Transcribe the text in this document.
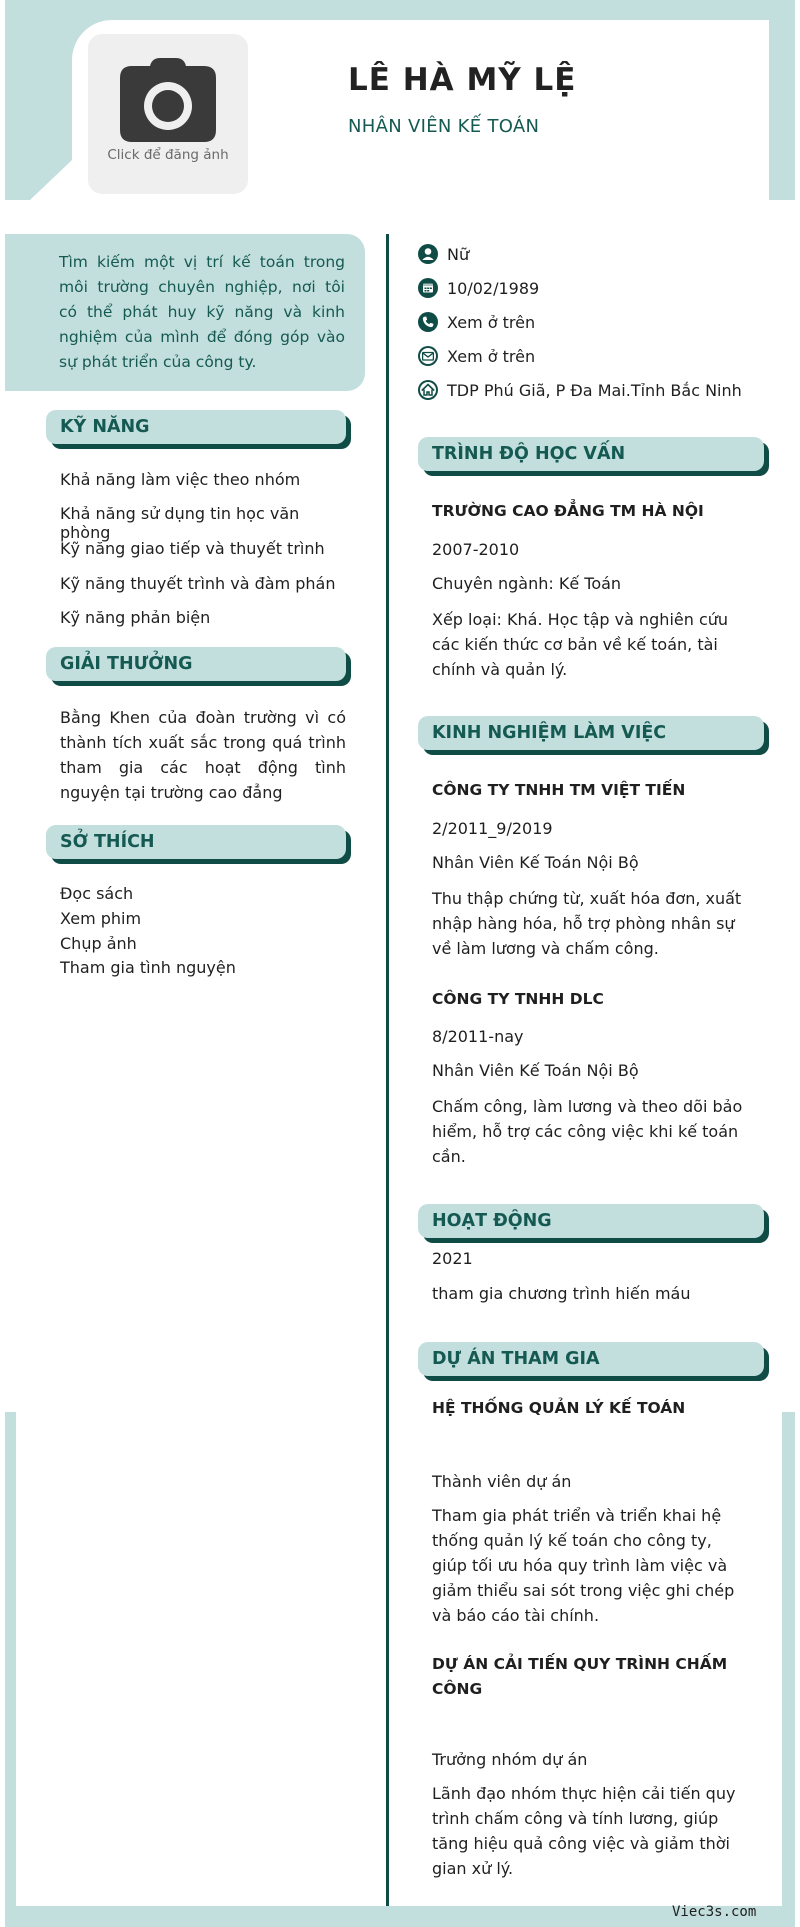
Click để đăng ảnh
LÊ HÀ MỸ LỆ
NHÂN VIÊN KẾ TOÁN
Tìm kiếm một vị trí kế toán trong môi trường chuyên nghiệp, nơi tôi có thể phát huy kỹ năng và kinh nghiệm của mình để đóng góp vào sự phát triển của công ty.
Nữ
10/02/1989
Xem ở trên
Xem ở trên
TDP Phú Giã, P Đa Mai.Tỉnh Bắc Ninh
KỸ NĂNG
Khả năng làm việc theo nhóm
Khả năng sử dụng tin học văn phòng
Kỹ năng giao tiếp và thuyết trình
Kỹ năng thuyết trình và đàm phán
Kỹ năng phản biện
GIẢI THƯỞNG
Bằng Khen của đoàn trường vì có thành tích xuất sắc trong quá trình tham gia các hoạt động tình nguyện tại trường cao đẳng
SỞ THÍCH
Đọc sách
Xem phim
Chụp ảnh
Tham gia tình nguyện
TRÌNH ĐỘ HỌC VẤN
TRƯỜNG CAO ĐẲNG TM HÀ NỘI
2007-2010
Chuyên ngành: Kế Toán
Xếp loại: Khá. Học tập và nghiên cứu các kiến thức cơ bản về kế toán, tài chính và quản lý.
KINH NGHIỆM LÀM VIỆC
CÔNG TY TNHH TM VIỆT TIẾN
2/2011_9/2019
Nhân Viên Kế Toán Nội Bộ
Thu thập chứng từ, xuất hóa đơn, xuất nhập hàng hóa, hỗ trợ phòng nhân sự về làm lương và chấm công.
CÔNG TY TNHH DLC
8/2011-nay
Nhân Viên Kế Toán Nội Bộ
Chấm công, làm lương và theo dõi bảo hiểm, hỗ trợ các công việc khi kế toán cần.
HOẠT ĐỘNG
2021
tham gia chương trình hiến máu
DỰ ÁN THAM GIA
HỆ THỐNG QUẢN LÝ KẾ TOÁN
Thành viên dự án
Tham gia phát triển và triển khai hệ thống quản lý kế toán cho công ty, giúp tối ưu hóa quy trình làm việc và giảm thiểu sai sót trong việc ghi chép và báo cáo tài chính.
DỰ ÁN CẢI TIẾN QUY TRÌNH CHẤM CÔNG
Trưởng nhóm dự án
Lãnh đạo nhóm thực hiện cải tiến quy trình chấm công và tính lương, giúp tăng hiệu quả công việc và giảm thời gian xử lý.
Viec3s.com
